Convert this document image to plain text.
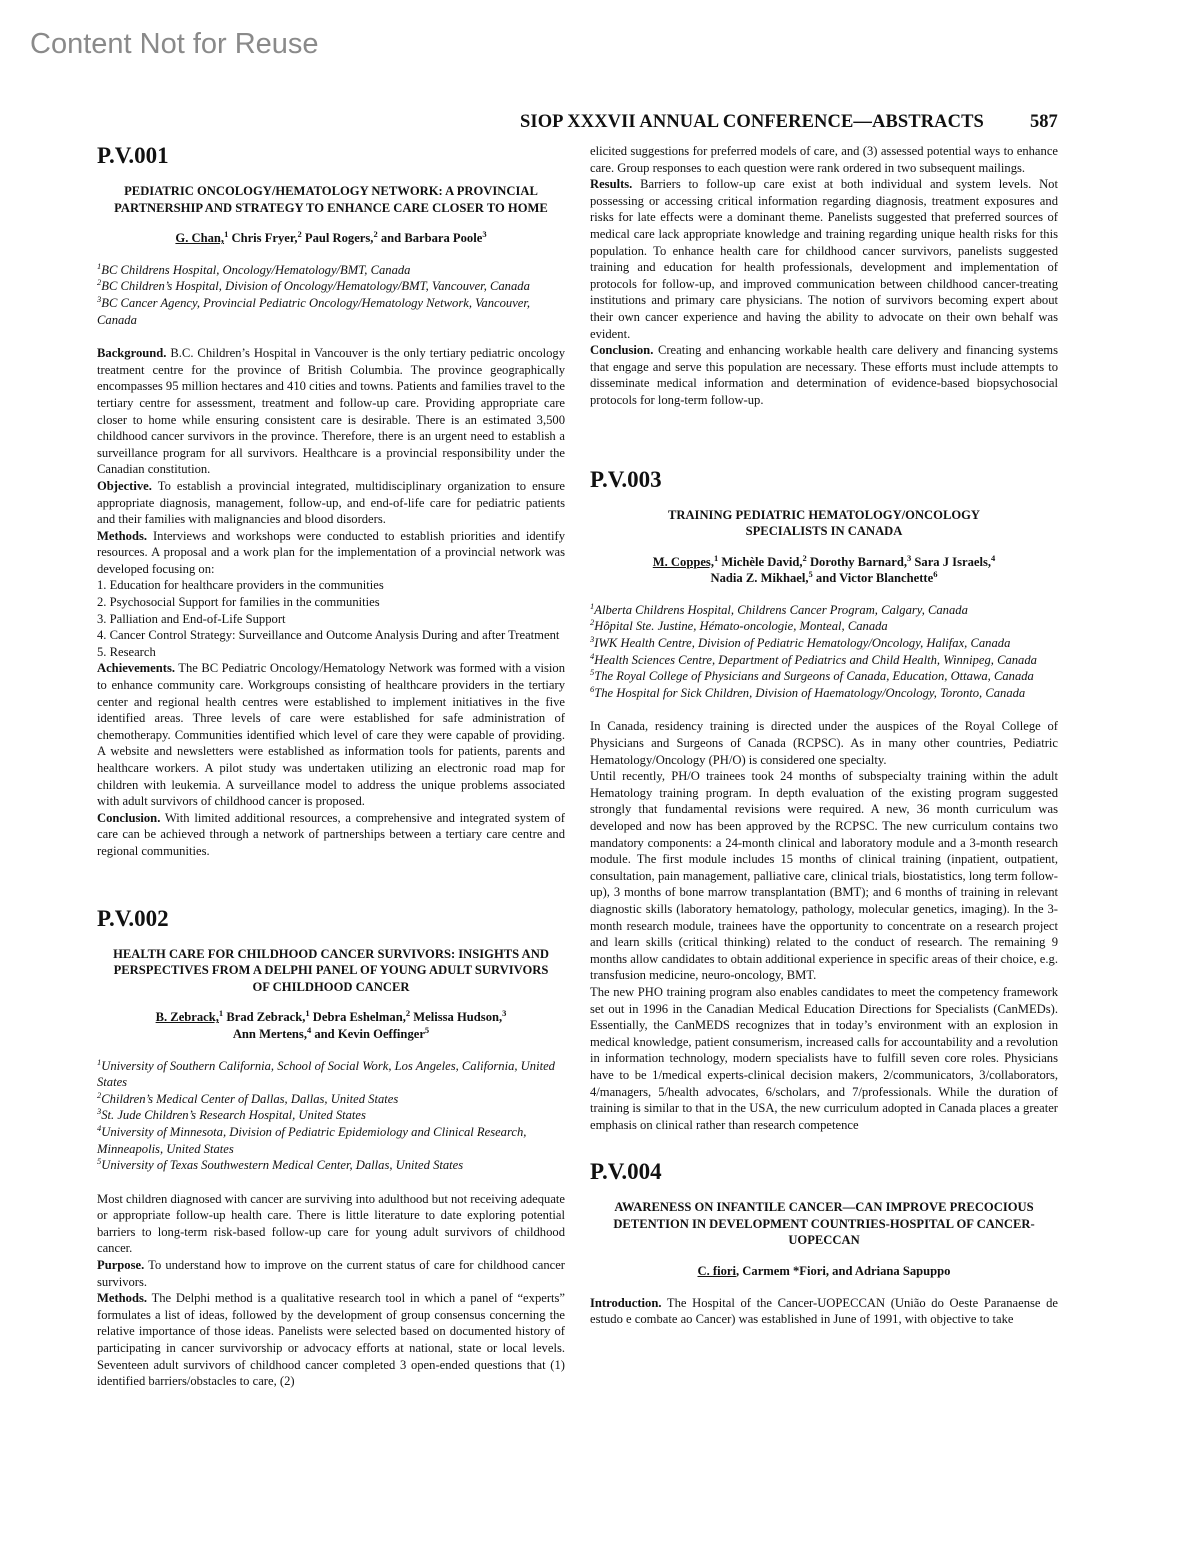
Content Not for Reuse
SIOP XXXVII ANNUAL CONFERENCE—ABSTRACTS 587
P.V.001
PEDIATRIC ONCOLOGY/HEMATOLOGY NETWORK: A PROVINCIAL PARTNERSHIP AND STRATEGY TO ENHANCE CARE CLOSER TO HOME
G. Chan,$^1$ Chris Fryer,$^2$ Paul Rogers,$^2$ and Barbara Poole$^3$
$^1$BC Childrens Hospital, Oncology/Hematology/BMT, Canada
$^2$BC Children’s Hospital, Division of Oncology/Hematology/BMT, Vancouver, Canada
$^3$BC Cancer Agency, Provincial Pediatric Oncology/Hematology Network, Vancouver, Canada

Background. B.C. Children’s Hospital in Vancouver is the only tertiary pediatric oncology treatment centre for the province of British Columbia. The province geographically encompasses 95 million hectares and 410 cities and towns. Patients and families travel to the tertiary centre for assessment, treatment and follow-up care. Providing appropriate care closer to home while ensuring consistent care is desirable. There is an estimated 3,500 childhood cancer survivors in the province. Therefore, there is an urgent need to establish a surveillance program for all survivors. Healthcare is a provincial responsibility under the Canadian constitution.

Objective. To establish a provincial integrated, multidisciplinary organization to ensure appropriate diagnosis, management, follow-up, and end-of-life care for pediatric patients and their families with malignancies and blood disorders.

Methods. Interviews and workshops were conducted to establish priorities and identify resources. A proposal and a work plan for the implementation of a provincial network was developed focusing on:

1. Education for healthcare providers in the communities
2. Psychosocial Support for families in the communities
3. Palliation and End-of-Life Support
4. Cancer Control Strategy: Surveillance and Outcome Analysis During and after Treatment
5. Research

Achievements. The BC Pediatric Oncology/Hematology Network was formed with a vision to enhance community care. Workgroups consisting of healthcare providers in the tertiary center and regional health centres were established to implement initiatives in the five identified areas. Three levels of care were established for safe administration of chemotherapy. Communities identified which level of care they were capable of providing. A website and newsletters were established as information tools for patients, parents and healthcare workers. A pilot study was undertaken utilizing an electronic road map for children with leukemia. A surveillance model to address the unique problems associated with adult survivors of childhood cancer is proposed.

Conclusion. With limited additional resources, a comprehensive and integrated system of care can be achieved through a network of partnerships between a tertiary care centre and regional communities.

P.V.002
HEALTH CARE FOR CHILDHOOD CANCER SURVIVORS: INSIGHTS AND PERSPECTIVES FROM A DELPHI PANEL OF YOUNG ADULT SURVIVORS OF CHILDHOOD CANCER
B. Zebrack,$^1$ Brad Zebrack,$^1$ Debra Eshelman,$^2$ Melissa Hudson,$^3$
Ann Mertens,$^4$ and Kevin Oeffinger$^5$
$^1$University of Southern California, School of Social Work, Los Angeles, California, United States
$^2$Children’s Medical Center of Dallas, Dallas, United States
$^3$St. Jude Children’s Research Hospital, United States
$^4$University of Minnesota, Division of Pediatric Epidemiology and Clinical Research, Minneapolis, United States
$^5$University of Texas Southwestern Medical Center, Dallas, United States

Most children diagnosed with cancer are surviving into adulthood but not receiving adequate or appropriate follow-up health care. There is little literature to date exploring potential barriers to long-term risk-based follow-up care for young adult survivors of childhood cancer.

Purpose. To understand how to improve on the current status of care for childhood cancer survivors.

Methods. The Delphi method is a qualitative research tool in which a panel of “experts” formulates a list of ideas, followed by the development of group consensus concerning the relative importance of those ideas. Panelists were selected based on documented history of participating in cancer survivorship or advocacy efforts at national, state or local levels. Seventeen adult survivors of childhood cancer completed 3 open-ended questions that (1) identified barriers/obstacles to care, (2)

elicited suggestions for preferred models of care, and (3) assessed potential ways to enhance care. Group responses to each question were rank ordered in two subsequent mailings.

Results. Barriers to follow-up care exist at both individual and system levels. Not possessing or accessing critical information regarding diagnosis, treatment exposures and risks for late effects were a dominant theme. Panelists suggested that preferred sources of medical care lack appropriate knowledge and training regarding unique health risks for this population. To enhance health care for childhood cancer survivors, panelists suggested training and education for health professionals, development and implementation of protocols for follow-up, and improved communication between childhood cancer-treating institutions and primary care physicians. The notion of survivors becoming expert about their own cancer experience and having the ability to advocate on their own behalf was evident.

Conclusion. Creating and enhancing workable health care delivery and financing systems that engage and serve this population are necessary. These efforts must include attempts to disseminate medical information and determination of evidence-based biopsychosocial protocols for long-term follow-up.

P.V.003
TRAINING PEDIATRIC HEMATOLOGY/ONCOLOGY SPECIALISTS IN CANADA
M. Coppes,$^1$ Michèle David,$^2$ Dorothy Barnard,$^3$ Sara J Israels,$^4$
Nadia Z. Mikhael,$^5$ and Victor Blanchette$^6$
$^1$Alberta Childrens Hospital, Childrens Cancer Program, Calgary, Canada
$^2$Hôpital Ste. Justine, Hémato-oncologie, Monteal, Canada
$^3$IWK Health Centre, Division of Pediatric Hematology/Oncology, Halifax, Canada
$^4$Health Sciences Centre, Department of Pediatrics and Child Health, Winnipeg, Canada
$^5$The Royal College of Physicians and Surgeons of Canada, Education, Ottawa, Canada
$^6$The Hospital for Sick Children, Division of Haematology/Oncology, Toronto, Canada

In Canada, residency training is directed under the auspices of the Royal College of Physicians and Surgeons of Canada (RCPSC). As in many other countries, Pediatric Hematology/Oncology (PH/O) is considered one specialty.

Until recently, PH/O trainees took 24 months of subspecialty training within the adult Hematology training program. In depth evaluation of the existing program suggested strongly that fundamental revisions were required. A new, 36 month curriculum was developed and now has been approved by the RCPSC. The new curriculum contains two mandatory components: a 24-month clinical and laboratory module and a 3-month research module. The first module includes 15 months of clinical training (inpatient, outpatient, consultation, pain management, palliative care, clinical trials, biostatistics, long term follow-up), 3 months of bone marrow transplantation (BMT); and 6 months of training in relevant diagnostic skills (laboratory hematology, pathology, molecular genetics, imaging). In the 3-month research module, trainees have the opportunity to concentrate on a research project and learn skills (critical thinking) related to the conduct of research. The remaining 9 months allow candidates to obtain additional experience in specific areas of their choice, e.g. transfusion medicine, neuro-oncology, BMT.

The new PHO training program also enables candidates to meet the competency framework set out in 1996 in the Canadian Medical Education Directions for Specialists (CanMEDs). Essentially, the CanMEDS recognizes that in today’s environment with an explosion in medical knowledge, patient consumerism, increased calls for accountability and a revolution in information technology, modern specialists have to fulfill seven core roles. Physicians have to be 1/medical experts-clinical decision makers, 2/communicators, 3/collaborators, 4/managers, 5/health advocates, 6/scholars, and 7/professionals. While the duration of training is similar to that in the USA, the new curriculum adopted in Canada places a greater emphasis on clinical rather than research competence

P.V.004
AWARENESS ON INFANTILE CANCER—CAN IMPROVE PRECOCIOUS DETENTION IN DEVELOPMENT COUNTRIES-HOSPITAL OF CANCER-UOPECCAN
C. fiori, Carmem *Fiori, and Adriana Sapuppo

Introduction. The Hospital of the Cancer-UOPECCAN (União do Oeste Paranaense de estudo e combate ao Cancer) was established in June of 1991, with objective to take
